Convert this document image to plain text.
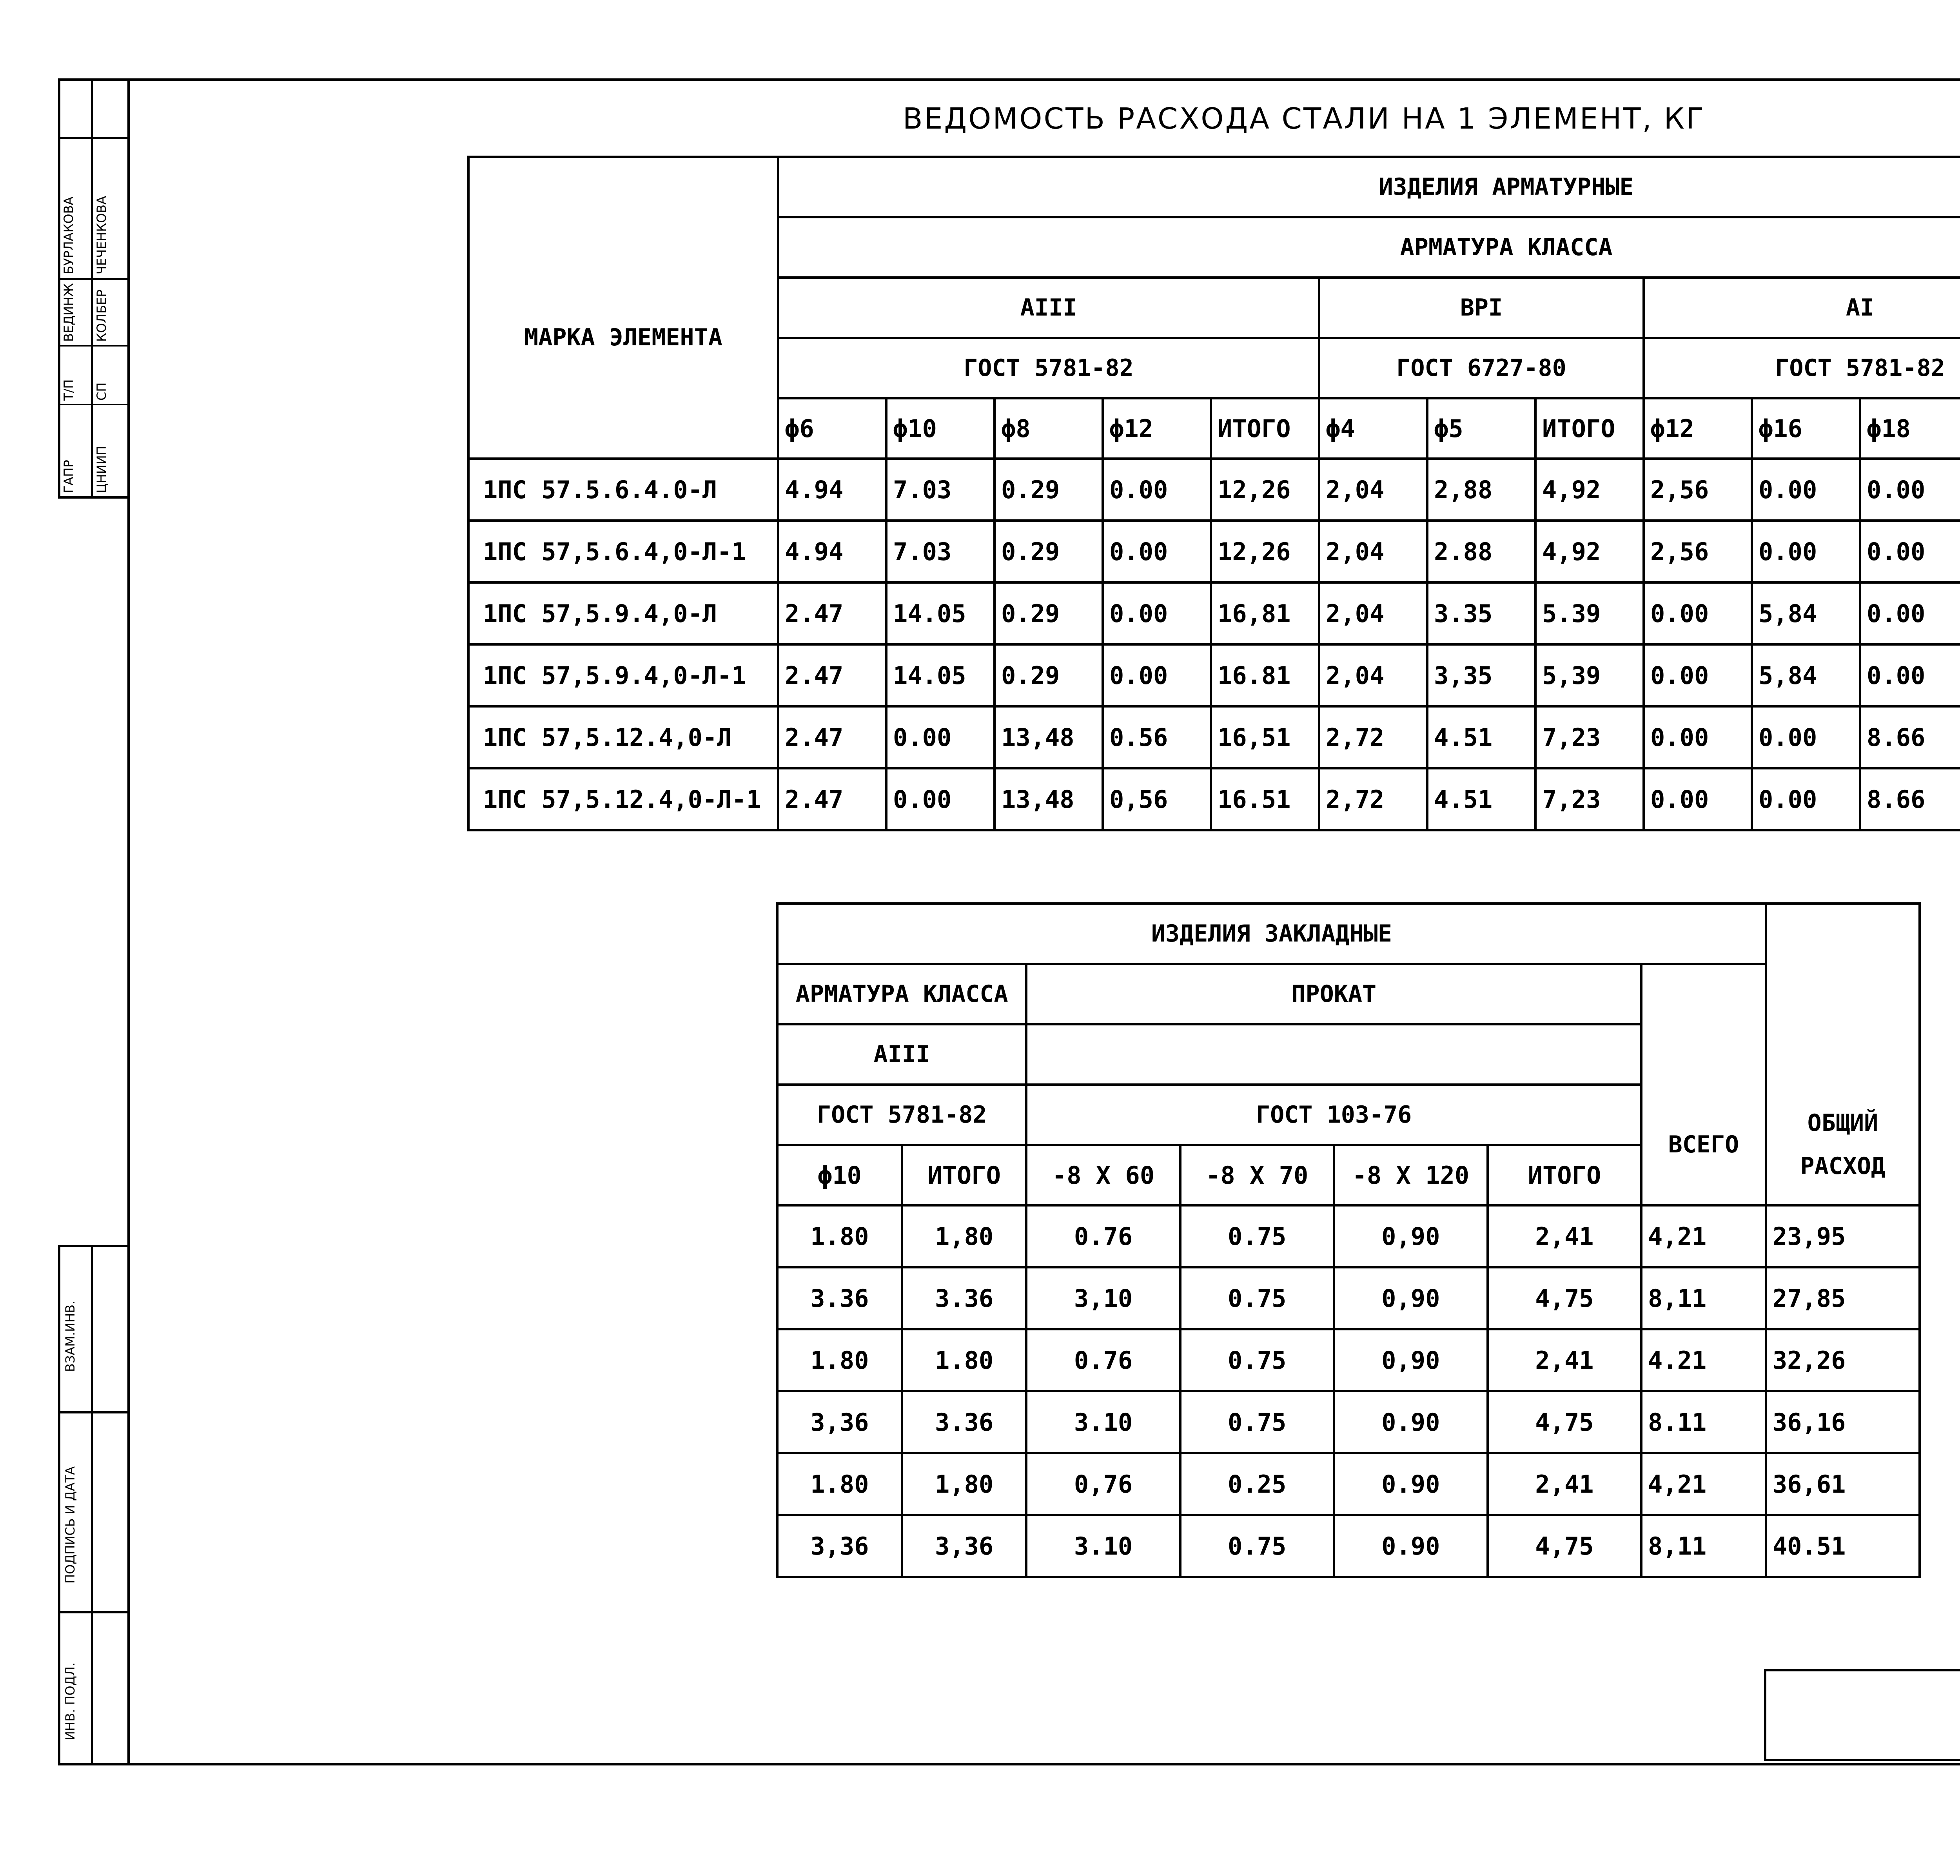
БУРЛАКОВА
ВЕДИНЖ
Т/П
ГАПР
ЧЕЧЕНКОВА
КОЛБЕР
СП
ЦНИИП
ВЗАМ.ИНВ.
ПОДПИСЬ И ДАТА
ИНВ. ПОДЛ.
ВЕДОМОСТЬ РАСХОДА СТАЛИ НА 1 ЭЛЕМЕНТ, КГ
	ИЗДЕЛИЯ АРМАТУРНЫЕ												
МАРКА ЭЛЕМЕНТА	АРМАТУРА КЛАССА												
	AIII					ВРI			AI	
	ГОСТ 5781-82					ГОСТ 6727-80			ГОСТ 5781-82				
	ϕ6	ϕ10	ϕ8	ϕ12	ИТОГО	ϕ4	ϕ5	ИТОГО	ϕ12	ϕ16	ϕ18	
1ПС 57.5.6.4.0-Л	4.94	7.03	0.29	0.00	12,26	2,04	2,88	4,92	2,56	0.00	0.00		
1ПС 57,5.6.4,0-Л-1	4.94	7.03	0.29	0.00	12,26	2,04	2.88	4,92	2,56	0.00	0.00		
1ПС 57,5.9.4,0-Л	2.47	14.05	0.29	0.00	16,81	2,04	3.35	5.39	0.00	5,84	0.00		
1ПС 57,5.9.4,0-Л-1	2.47	14.05	0.29	0.00	16.81	2,04	3,35	5,39	0.00	5,84	0.00		
1ПС 57,5.12.4,0-Л	2.47	0.00	13,48	0.56	16,51	2,72	4.51	7,23	0.00	0.00	8.66		
1ПС 57,5.12.4,0-Л-1	2.47	0.00	13,48	0,56	16.51	2,72	4.51	7,23	0.00	0.00	8.66		
ИЗДЕЛИЯ ЗАКЛАДНЫЕ							
АРМАТУРА КЛАССА		ПРОКАТ					
AIII							
ГОСТ 5781-82		ГОСТ 103-76				ВСЕГО	ОБЩИЙ РАСХОД
ϕ10	ИТОГО	-8 Х 60	-8 Х 70	-8 Х 120	ИТОГО		
1.80	1,80	0.76	0.75	0,90	2,41	4,21	23,95
3.36	3.36	3,10	0.75	0,90	4,75	8,11	27,85
1.80	1.80	0.76	0.75	0,90	2,41	4.21	32,26
3,36	3.36	3.10	0.75	0.90	4,75	8.11	36,16
1.80	1,80	0,76	0.25	0.90	2,41	4,21	36,61
3,36	3,36	3.10	0.75	0.90	4,75	8,11	40.51
